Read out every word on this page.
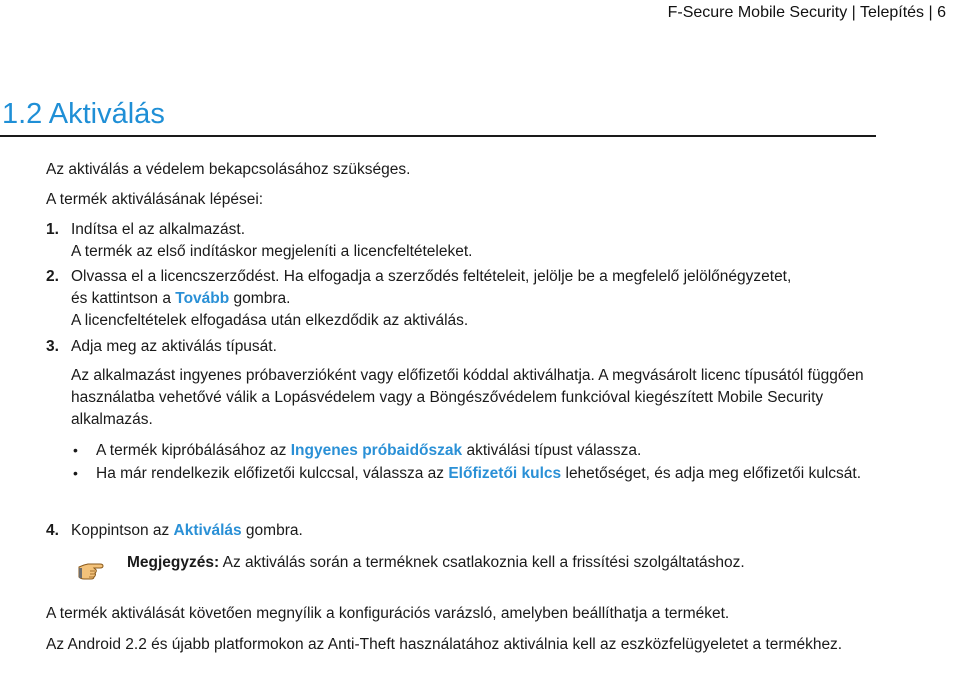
F-Secure Mobile Security | Telepítés | 6
1.2 Aktiválás

Az aktiválás a védelem bekapcsolásához szükséges.

A termék aktiválásának lépései:

1. Indítsa el az alkalmazást.
A termék az első indításkor megjeleníti a licencfeltételeket.

2. Olvassa el a licencszerződést. Ha elfogadja a szerződés feltételeit, jelölje be a megfelelő jelölőnégyzetet,
és kattintson a Tovább gombra.
A licencfeltételek elfogadása után elkezdődik az aktiválás.

3. Adja meg az aktiválás típusát.

Az alkalmazást ingyenes próbaverzióként vagy előfizetői kóddal aktiválhatja. A megvásárolt licenc típusától függően használatba vehetővé válik a Lopásvédelem vagy a Böngészővédelem funkcióval kiegészített Mobile Security alkalmazás.

• A termék kipróbálásához az Ingyenes próbaidőszak aktiválási típust válassza.

• Ha már rendelkezik előfizetői kulccsal, válassza az Előfizetői kulcs lehetőséget, és adja meg előfizetői kulcsát.

4. Koppintson az Aktiválás gombra.

Megjegyzés: Az aktiválás során a terméknek csatlakoznia kell a frissítési szolgáltatáshoz.

A termék aktiválását követően megnyílik a konfigurációs varázsló, amelyben beállíthatja a terméket.

Az Android 2.2 és újabb platformokon az Anti-Theft használatához aktiválnia kell az eszközfelügyeletet a termékhez.
